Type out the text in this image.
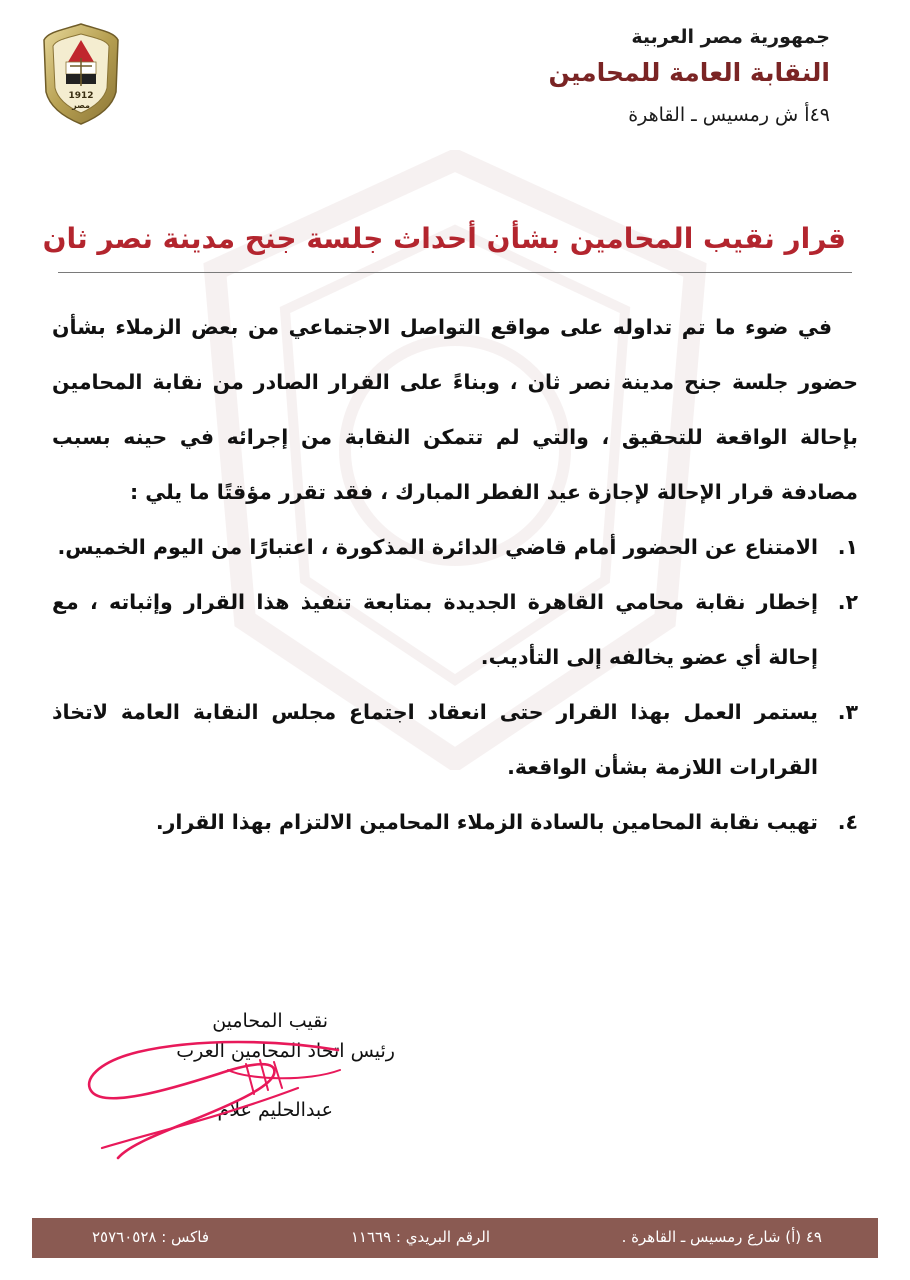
1912
مصر
جمهورية مصر العربية
النقابة العامة للمحامين
٤٩أ ش رمسيس ـ القاهرة
قرار نقيب المحامين بشأن أحداث جلسة جنح مدينة نصر ثان

في ضوء ما تم تداوله على مواقع التواصل الاجتماعي من بعض الزملاء بشأن حضور جلسة جنح مدينة نصر ثان ، وبناءً على القرار الصادر من نقابة المحامين بإحالة الواقعة للتحقيق ، والتي لم تتمكن النقابة من إجرائه في حينه بسبب مصادفة قرار الإحالة لإجازة عيد الفطر المبارك ، فقد تقرر مؤقتًا ما يلي :

١.
الامتناع عن الحضور أمام قاضي الدائرة المذكورة ، اعتبارًا من اليوم الخميس.
٢.
إخطار نقابة محامي القاهرة الجديدة بمتابعة تنفيذ هذا القرار وإثباته ، مع إحالة أي عضو يخالفه إلى التأديب.
٣.
يستمر العمل بهذا القرار حتى انعقاد اجتماع مجلس النقابة العامة لاتخاذ القرارات اللازمة بشأن الواقعة.
٤.
تهيب نقابة المحامين بالسادة الزملاء المحامين الالتزام بهذا القرار.
نقيب المحامين
رئيس اتحاد المحامين العرب
عبدالحليم علام
٤٩ (أ) شارع رمسيس ـ القاهرة .
الرقم البريدي : ١١٦٦٩
فاكس : ٢٥٧٦٠٥٢٨
